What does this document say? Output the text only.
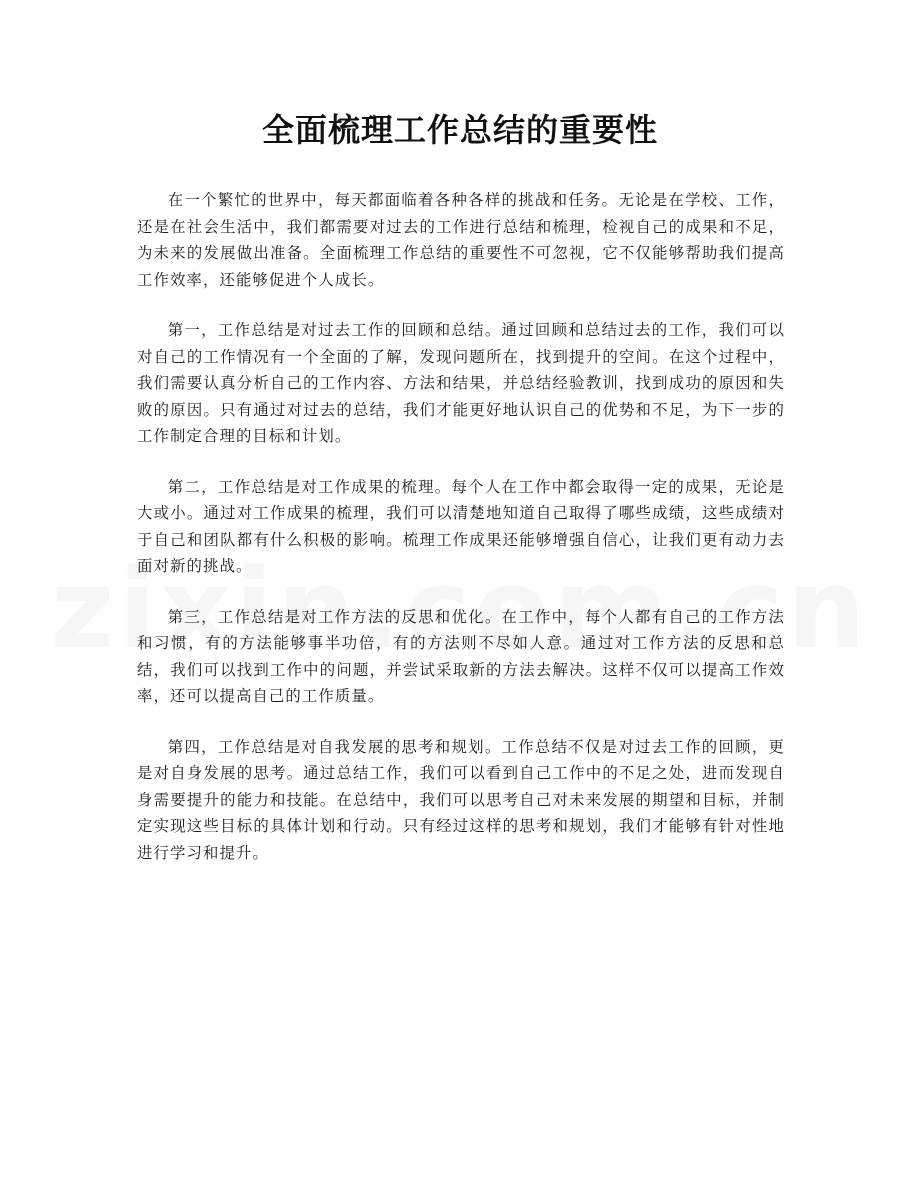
全面梳理工作总结的重要性

在一个繁忙的世界中，每天都面临着各种各样的挑战和任务。无论是在学校、工作，还是在社会生活中，我们都需要对过去的工作进行总结和梳理，检视自己的成果和不足，为未来的发展做出准备。全面梳理工作总结的重要性不可忽视，它不仅能够帮助我们提高工作效率，还能够促进个人成长。

第一，工作总结是对过去工作的回顾和总结。通过回顾和总结过去的工作，我们可以对自己的工作情况有一个全面的了解，发现问题所在，找到提升的空间。在这个过程中，我们需要认真分析自己的工作内容、方法和结果，并总结经验教训，找到成功的原因和失败的原因。只有通过对过去的总结，我们才能更好地认识自己的优势和不足，为下一步的工作制定合理的目标和计划。

第二，工作总结是对工作成果的梳理。每个人在工作中都会取得一定的成果，无论是大或小。通过对工作成果的梳理，我们可以清楚地知道自己取得了哪些成绩，这些成绩对于自己和团队都有什么积极的影响。梳理工作成果还能够增强自信心，让我们更有动力去面对新的挑战。

第三，工作总结是对工作方法的反思和优化。在工作中，每个人都有自己的工作方法和习惯，有的方法能够事半功倍，有的方法则不尽如人意。通过对工作方法的反思和总结，我们可以找到工作中的问题，并尝试采取新的方法去解决。这样不仅可以提高工作效率，还可以提高自己的工作质量。

第四，工作总结是对自我发展的思考和规划。工作总结不仅是对过去工作的回顾，更是对自身发展的思考。通过总结工作，我们可以看到自己工作中的不足之处，进而发现自身需要提升的能力和技能。在总结中，我们可以思考自己对未来发展的期望和目标，并制定实现这些目标的具体计划和行动。只有经过这样的思考和规划，我们才能够有针对性地进行学习和提升。
